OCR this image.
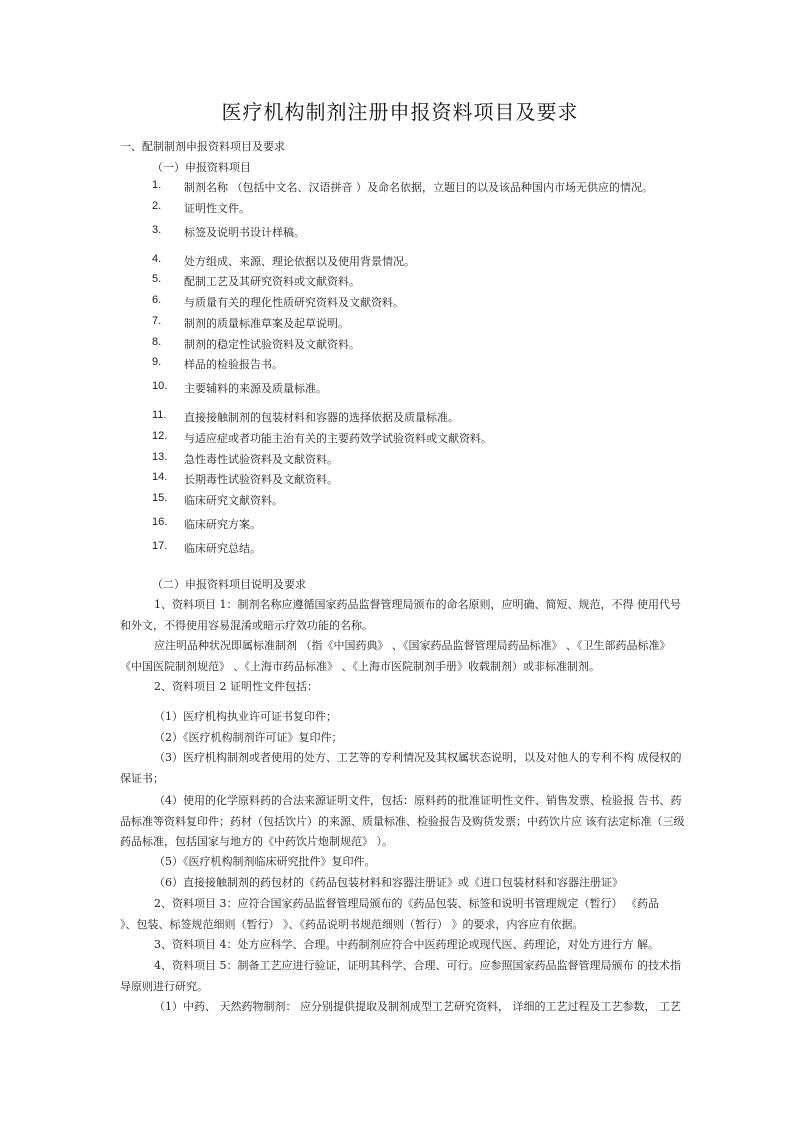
医疗机构制剂注册申报资料项目及要求
一、配制制剂申报资料项目及要求
（一）申报资料项目
1. 制剂名称 （包括中文名、汉语拼音 ）及命名依据，立题目的以及该品种国内市场无供应的情况。
2. 证明性文件。
3. 标签及说明书设计样稿。
4. 处方组成、来源、理论依据以及使用背景情况。
5. 配制工艺及其研究资料或文献资料。
6. 与质量有关的理化性质研究资料及文献资料。
7. 制剂的质量标准草案及起草说明。
8. 制剂的稳定性试验资料及文献资料。
9. 样品的检验报告书。
10. 主要辅料的来源及质量标准。
11. 直接接触制剂的包装材料和容器的选择依据及质量标准。
12. 与适应症或者功能主治有关的主要药效学试验资料或文献资料。
13. 急性毒性试验资料及文献资料。
14. 长期毒性试验资料及文献资料。
15. 临床研究文献资料。
16. 临床研究方案。
17. 临床研究总结。
（二）申报资料项目说明及要求
1、资料项目 1：制剂名称应遵循国家药品监督管理局颁布的命名原则，应明确、简短、规范，不得 使用代号和外文，不得使用容易混淆或暗示疗效功能的名称。
应注明品种状况即属标准制剂 （指《中国药典》 、《国家药品监督管理局药品标准》 、《卫生部药品标准》《中国医院制剂规范》 、《上海市药品标准》 、《上海市医院制剂手册》收载制剂）或非标准制剂。
2、资料项目 2 证明性文件包括：
（1）医疗机构执业许可证书复印件；
（2）《医疗机构制剂许可证》复印件；
（3）医疗机构制剂或者使用的处方、工艺等的专利情况及其权属状态说明，以及对他人的专利不构 成侵权的保证书；
（4）使用的化学原料药的合法来源证明文件，包括：原料药的批准证明性文件、销售发票、检验报 告书、药品标准等资料复印件；药材（包括饮片）的来源、质量标准、检验报告及购货发票；中药饮片应 该有法定标准（三级药品标准，包括国家与地方的《中药饮片炮制规范》 ）。
（5）《医疗机构制剂临床研究批件》复印件。
（6）直接接触制剂的药包材的《药品包装材料和容器注册证》或《进口包装材料和容器注册证》
2、资料项目 3：应符合国家药品监督管理局颁布的《药品包装、标签和说明书管理规定（暂行） 《药品　 》、包装、标签规范细则（暂行） 》、《药品说明书规范细则（暂行） 》的要求，内容应有依据。
3、资料项目 4：处方应科学、合理。中药制剂应符合中医药理论或现代医、药理论，对处方进行方 解。
4、资料项目 5：制备工艺应进行验证，证明其科学、合理、可行。应参照国家药品监督管理局颁布 的技术指导原则进行研究。
（1）中药、 天然药物制剂： 应分别提供提取及制剂成型工艺研究资料， 详细的工艺过程及工艺参数， 工艺
